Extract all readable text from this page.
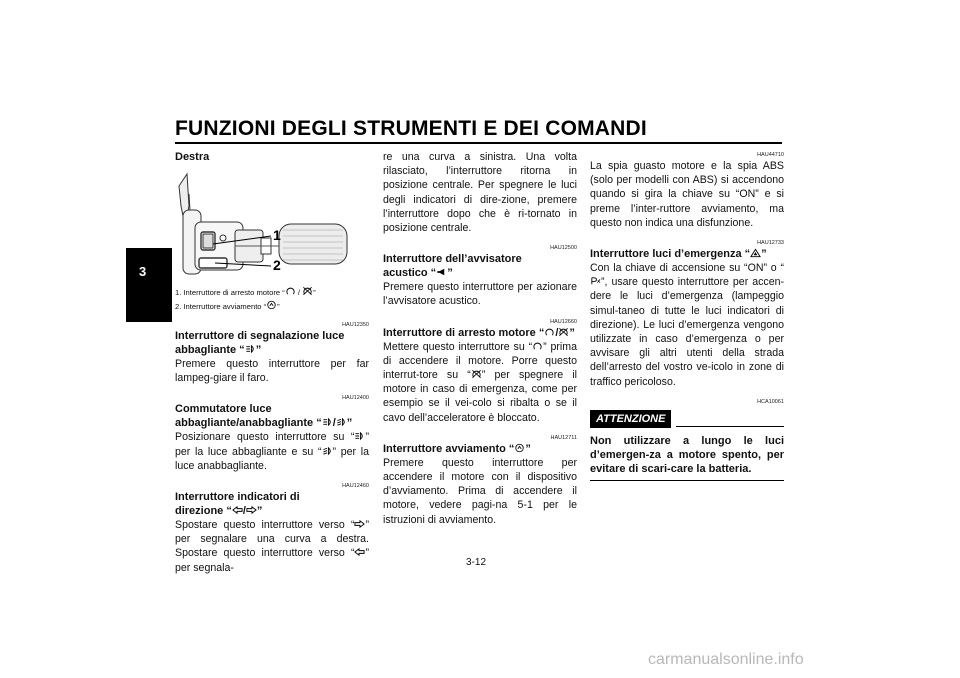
FUNZIONI DEGLI STRUMENTI E DEI COMANDI
3
Destra
1
2
1. Interruttore di arresto motore “ / ”
2. Interruttore avviamento “ ”
HAU12350
Interruttore di segnalazione luce
abbagliante “ ”

Premere questo interruttore per far lampeg-giare il faro.

HAU12400
Commutatore luce
abbagliante/anabbagliante “ / ”

Posizionare questo interruttore su “ ” per la luce abbagliante e su “ ” per la luce anabbagliante.

HAU12460
Interruttore indicatori di
direzione “ / ”

Spostare questo interruttore verso “ ” per segnalare una curva a destra. Spostare questo interruttore verso “ ” per segnala-

re una curva a sinistra. Una volta rilasciato, l’interruttore ritorna in posizione centrale. Per spegnere le luci degli indicatori di dire-zione, premere l’interruttore dopo che è ri-tornato in posizione centrale.

HAU12500
Interruttore dell’avvisatore
acustico “ ”

Premere questo interruttore per azionare l’avvisatore acustico.

HAU12660
Interruttore di arresto motore “ / ”

Mettere questo interruttore su “ ” prima di accendere il motore. Porre questo interrut-tore su “ ” per spegnere il motore in caso di emergenza, come per esempio se il vei-colo si ribalta o se il cavo dell’acceleratore è bloccato.

HAU12711
Interruttore avviamento “ ”

Premere questo interruttore per accendere il motore con il dispositivo d’avviamento. Prima di accendere il motore, vedere pagi-na 5-1 per le istruzioni di avviamento.

HAU44710

La spia guasto motore e la spia ABS (solo per modelli con ABS) si accendono quando si gira la chiave su “ON” e si preme l’inter-ruttore avviamento, ma questo non indica una disfunzione.

HAU12733
Interruttore luci d’emergenza “ ”

Con la chiave di accensione su “ON” o “”, usare questo interruttore per accen-dere le luci d’emergenza (lampeggio simul-taneo di tutte le luci indicatori di direzione). Le luci d’emergenza vengono utilizzate in caso d’emergenza o per avvisare gli altri utenti della strada dell’arresto del vostro ve-icolo in zone di traffico pericoloso.

HCA10061
ATTENZIONE

Non utilizzare a lungo le luci d’emergen-za a motore spento, per evitare di scari-care la batteria.

3-12
carmanualsonline.info
